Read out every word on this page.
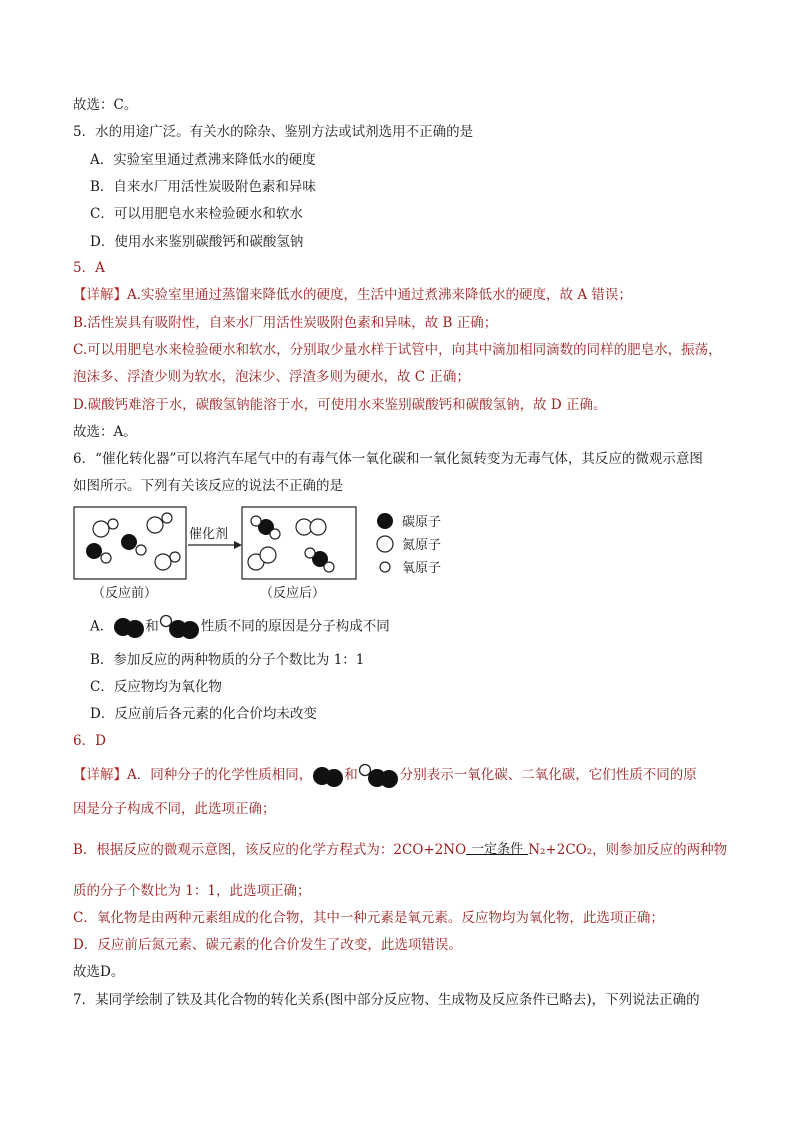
故选：C。
5．水的用途广泛。有关水的除杂、鉴别方法或试剂选用不正确的是
A．实验室里通过煮沸来降低水的硬度
B．自来水厂用活性炭吸附色素和异味
C．可以用肥皂水来检验硬水和软水
D．使用水来鉴别碳酸钙和碳酸氢钠
5．A
【详解】A.实验室里通过蒸馏来降低水的硬度，生活中通过煮沸来降低水的硬度，故 A 错误；
B.活性炭具有吸附性，自来水厂用活性炭吸附色素和异味，故 B 正确；
C.可以用肥皂水来检验硬水和软水，分别取少量水样于试管中，向其中滴加相同滴数的同样的肥皂水，振荡，
泡沫多、浮渣少则为软水，泡沫少、浮渣多则为硬水，故 C 正确；
D.碳酸钙难溶于水，碳酸氢钠能溶于水，可使用水来鉴别碳酸钙和碳酸氢钠，故 D 正确。
故选：A。
6．“催化转化器”可以将汽车尾气中的有毒气体一氧化碳和一氧化氮转变为无毒气体，其反应的微观示意图
如图所示。下列有关该反应的说法不正确的是
催化剂
（反应前）	（反应后）
碳原子
氮原子
氧原子
A． 和	性质不同的原因是分子构成不同
B．参加反应的两种物质的分子个数比为 1：1
C．反应物均为氧化物
D．反应前后各元素的化合价均未改变
6．D
【详解】A．同种分子的化学性质相同， 和	分别表示一氧化碳、二氧化碳，它们性质不同的原
因是分子构成不同，此选项正确；
B．根据反应的微观示意图，该反应的化学方程式为：2CO+2NO 一定条件 N₂+2CO₂，则参加反应的两种物
质的分子个数比为 1：1，此选项正确；
C．氧化物是由两种元素组成的化合物，其中一种元素是氧元素。反应物均为氧化物，此选项正确；
D．反应前后氮元素、碳元素的化合价发生了改变，此选项错误。
故选D。
7．某同学绘制了铁及其化合物的转化关系(图中部分反应物、生成物及反应条件已略去)，下列说法正确的
